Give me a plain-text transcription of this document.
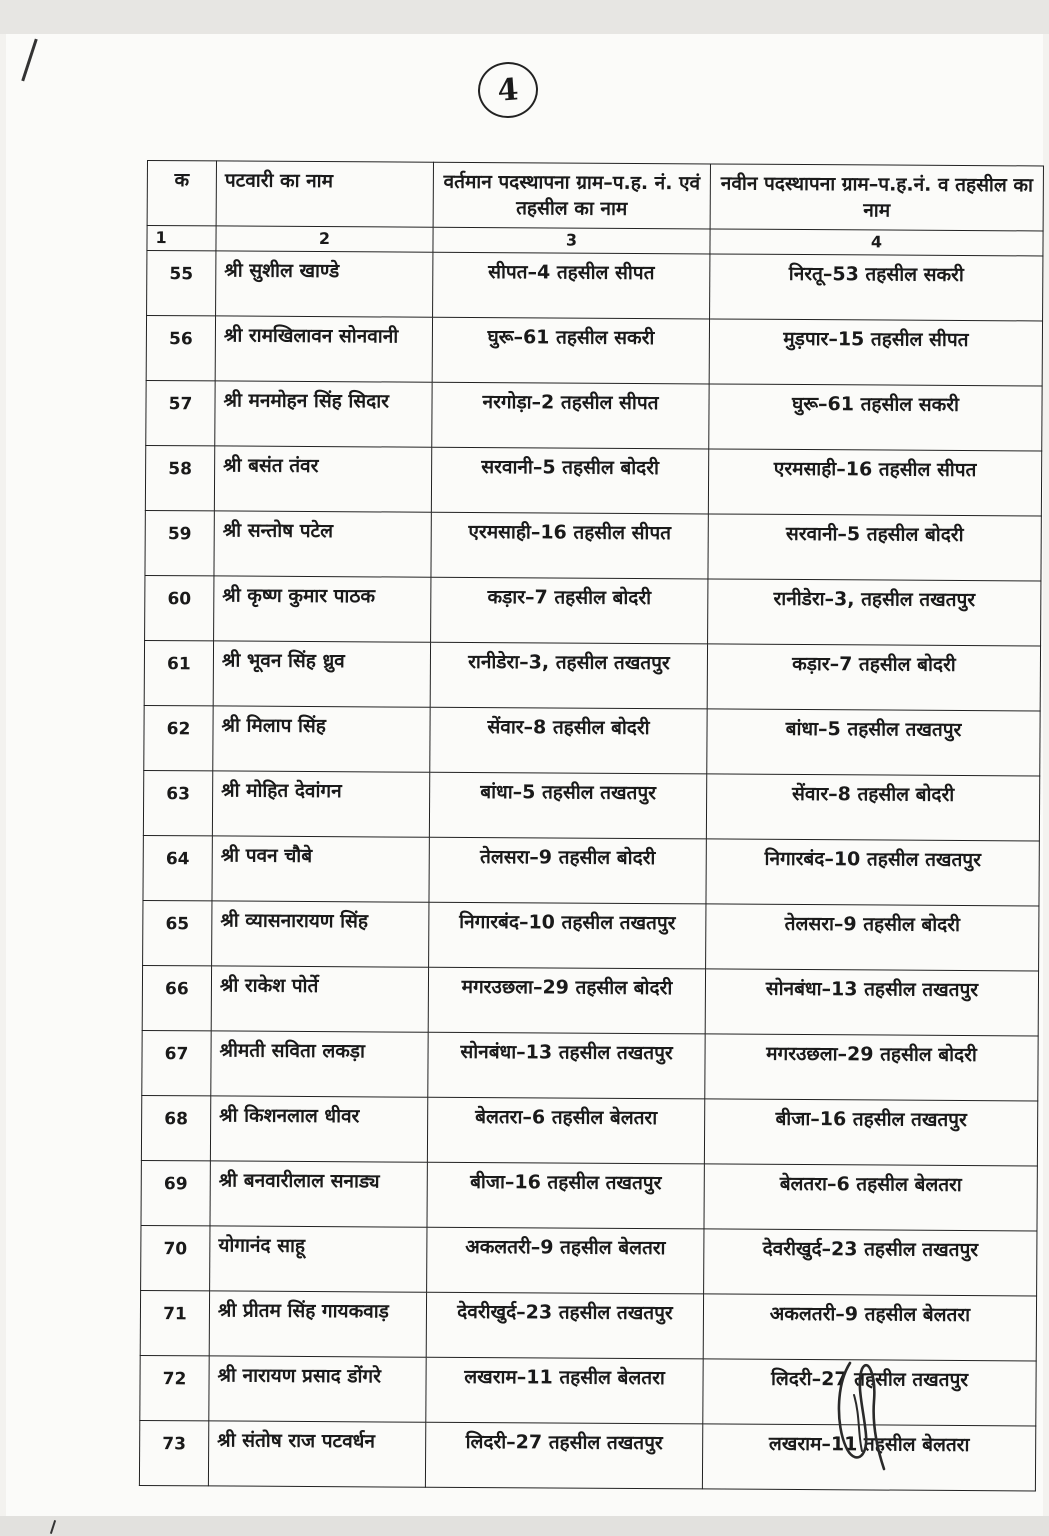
4
क	पटवारी का नाम	वर्तमान पदस्थापना ग्राम–प.ह. नं. एवं तहसील का नाम	नवीन पदस्थापना ग्राम–प.ह.नं. व तहसील का नाम
1	2	3	4
55	श्री सुशील खाण्डे	सीपत–4 तहसील सीपत	निरतू–53 तहसील सकरी
56	श्री रामखिलावन सोनवानी	घुरू–61 तहसील सकरी	मुड़पार–15 तहसील सीपत
57	श्री मनमोहन सिंह सिदार	नरगोड़ा–2 तहसील सीपत	घुरू–61 तहसील सकरी
58	श्री बसंत तंवर	सरवानी–5 तहसील बोदरी	एरमसाही–16 तहसील सीपत
59	श्री सन्तोष पटेल	एरमसाही–16 तहसील सीपत	सरवानी–5 तहसील बोदरी
60	श्री कृष्ण कुमार पाठक	कड़ार–7 तहसील बोदरी	रानीडेरा–3, तहसील तखतपुर
61	श्री भूवन सिंह ध्रुव	रानीडेरा–3, तहसील तखतपुर	कड़ार–7 तहसील बोदरी
62	श्री मिलाप सिंह	सेंवार–8 तहसील बोदरी	बांधा–5 तहसील तखतपुर
63	श्री मोहित देवांगन	बांधा–5 तहसील तखतपुर	सेंवार–8 तहसील बोदरी
64	श्री पवन चौबे	तेलसरा–9 तहसील बोदरी	निगारबंद–10 तहसील तखतपुर
65	श्री व्यासनारायण सिंह	निगारबंद–10 तहसील तखतपुर	तेलसरा–9 तहसील बोदरी
66	श्री राकेश पोर्ते	मगरउछला–29 तहसील बोदरी	सोनबंधा–13 तहसील तखतपुर
67	श्रीमती सविता लकड़ा	सोनबंधा–13 तहसील तखतपुर	मगरउछला–29 तहसील बोदरी
68	श्री किशनलाल धीवर	बेलतरा–6 तहसील बेलतरा	बीजा–16 तहसील तखतपुर
69	श्री बनवारीलाल सनाड्य	बीजा–16 तहसील तखतपुर	बेलतरा–6 तहसील बेलतरा
70	योगानंद साहू	अकलतरी–9 तहसील बेलतरा	देवरीखुर्द–23 तहसील तखतपुर
71	श्री प्रीतम सिंह गायकवाड़	देवरीखुर्द–23 तहसील तखतपुर	अकलतरी–9 तहसील बेलतरा
72	श्री नारायण प्रसाद डोंगरे	लखराम–11 तहसील बेलतरा	लिदरी–27 तहसील तखतपुर
73	श्री संतोष राज पटवर्धन	लिदरी–27 तहसील तखतपुर	लखराम–11 तहसील बेलतरा
